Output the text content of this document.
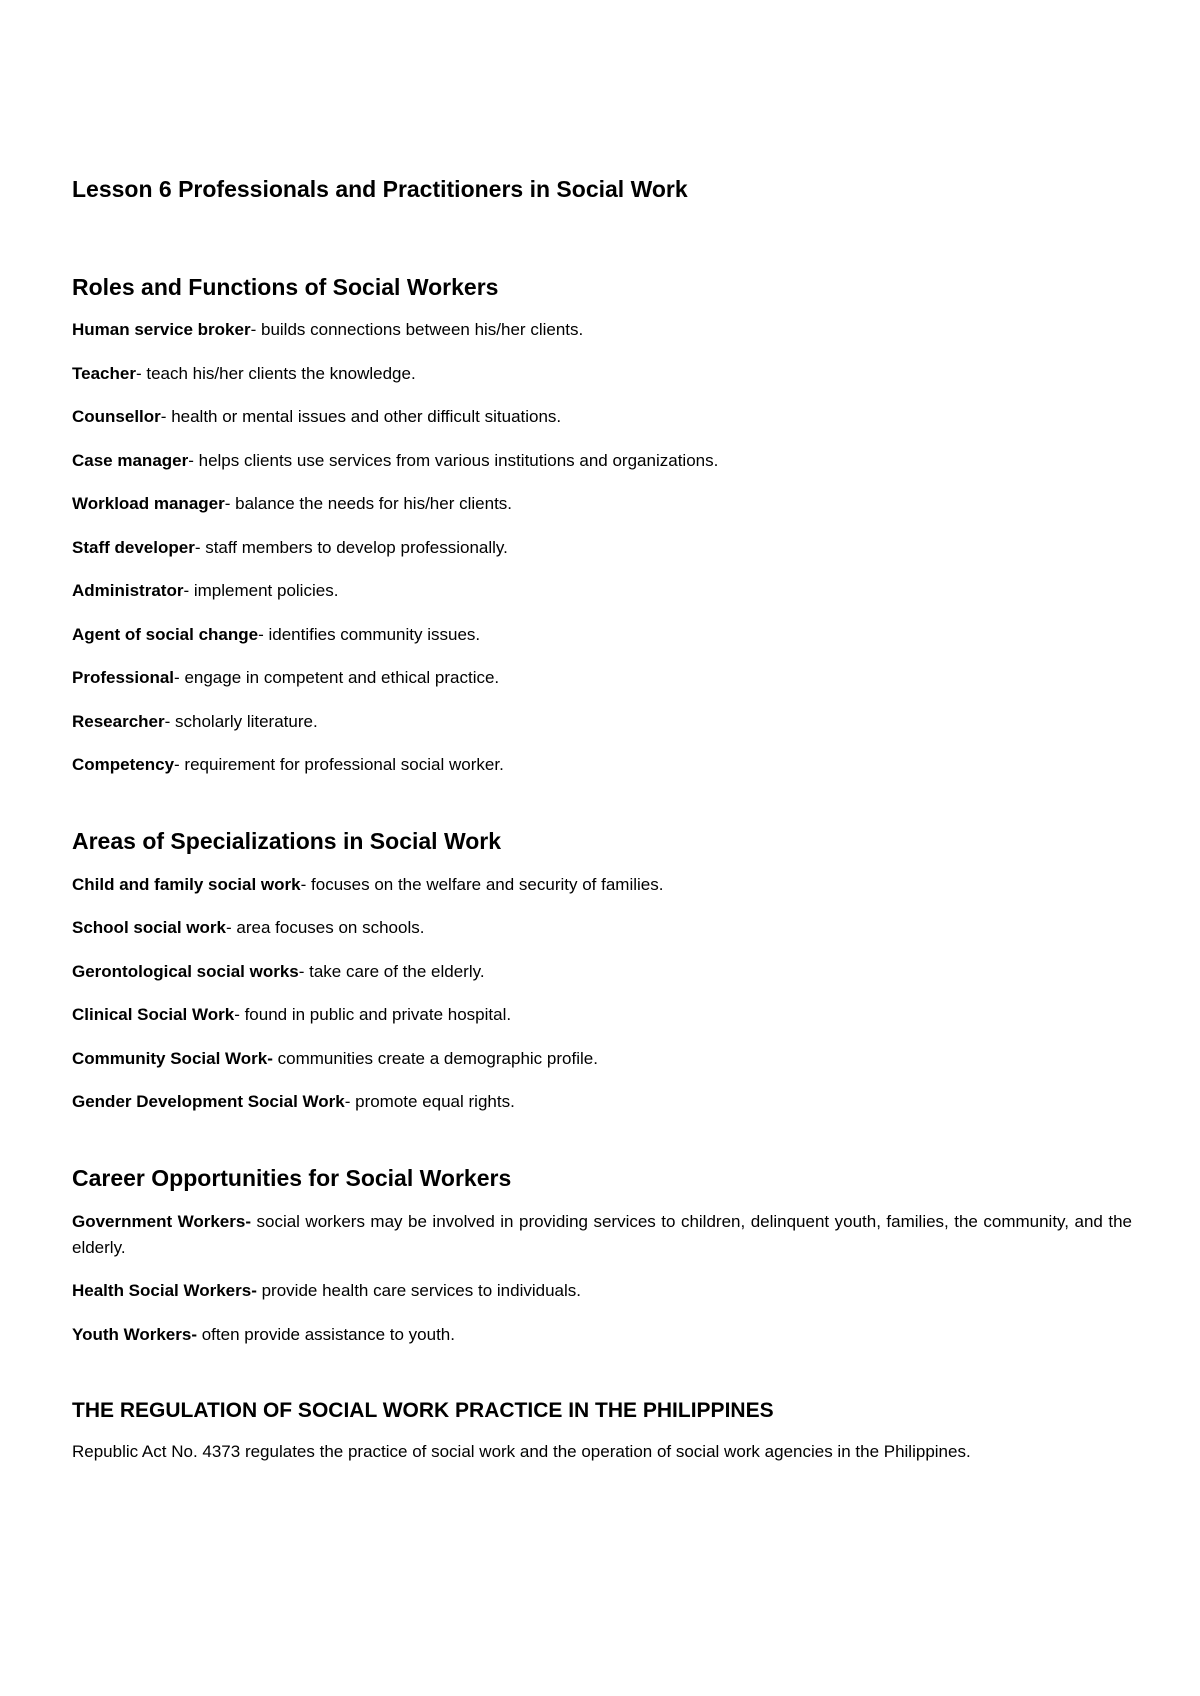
Lesson 6 Professionals and Practitioners in Social Work
Roles and Functions of Social Workers

Human service broker- builds connections between his/her clients.

Teacher- teach his/her clients the knowledge.

Counsellor- health or mental issues and other difficult situations.

Case manager- helps clients use services from various institutions and organizations.

Workload manager- balance the needs for his/her clients.

Staff developer- staff members to develop professionally.

Administrator- implement policies.

Agent of social change- identifies community issues.

Professional- engage in competent and ethical practice.

Researcher- scholarly literature.

Competency- requirement for professional social worker.

Areas of Specializations in Social Work

Child and family social work- focuses on the welfare and security of families.

School social work- area focuses on schools.

Gerontological social works- take care of the elderly.

Clinical Social Work- found in public and private hospital.

Community Social Work- communities create a demographic profile.

Gender Development Social Work- promote equal rights.

Career Opportunities for Social Workers

Government Workers- social workers may be involved in providing services to children, delinquent youth, families, the community, and the elderly.

Health Social Workers- provide health care services to individuals.

Youth Workers- often provide assistance to youth.

THE REGULATION OF SOCIAL WORK PRACTICE IN THE PHILIPPINES

Republic Act No. 4373 regulates the practice of social work and the operation of social work agencies in the Philippines.
